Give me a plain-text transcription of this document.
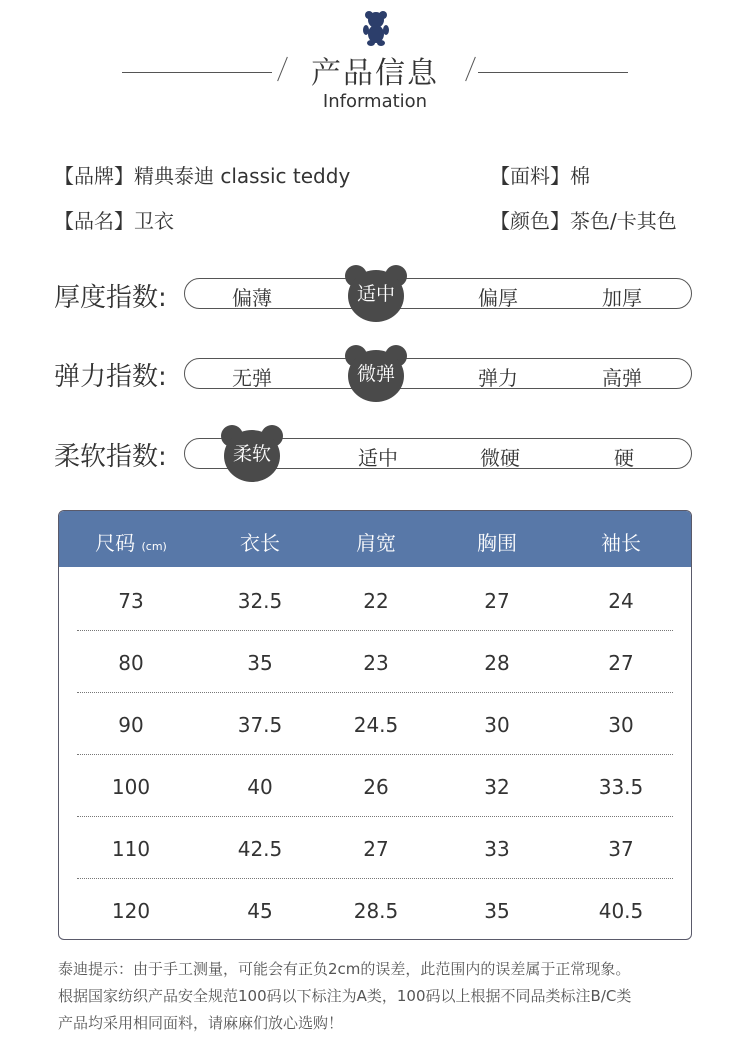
产品信息
Information
【品牌】精典泰迪 classic teddy
【品名】卫衣
【面料】棉
【颜色】茶色/卡其色
厚度指数:	偏薄	适中	偏厚	加厚
弹力指数:	无弹	微弹	弹力	高弹
柔软指数:	柔软	适中	微硬	硬
尺码 (cm)	衣长	肩宽	胸围	袖长
73	32.5	22	27	24
80	35	23	28	27
90	37.5	24.5	30	30
100	40	26	32	33.5
110	42.5	27	33	37
120	45	28.5	35	40.5
泰迪提示：由于手工测量，可能会有正负2cm的误差，此范围内的误差属于正常现象。
根据国家纺织产品安全规范100码以下标注为A类，100码以上根据不同品类标注B/C类
产品均采用相同面料，请麻麻们放心选购！
